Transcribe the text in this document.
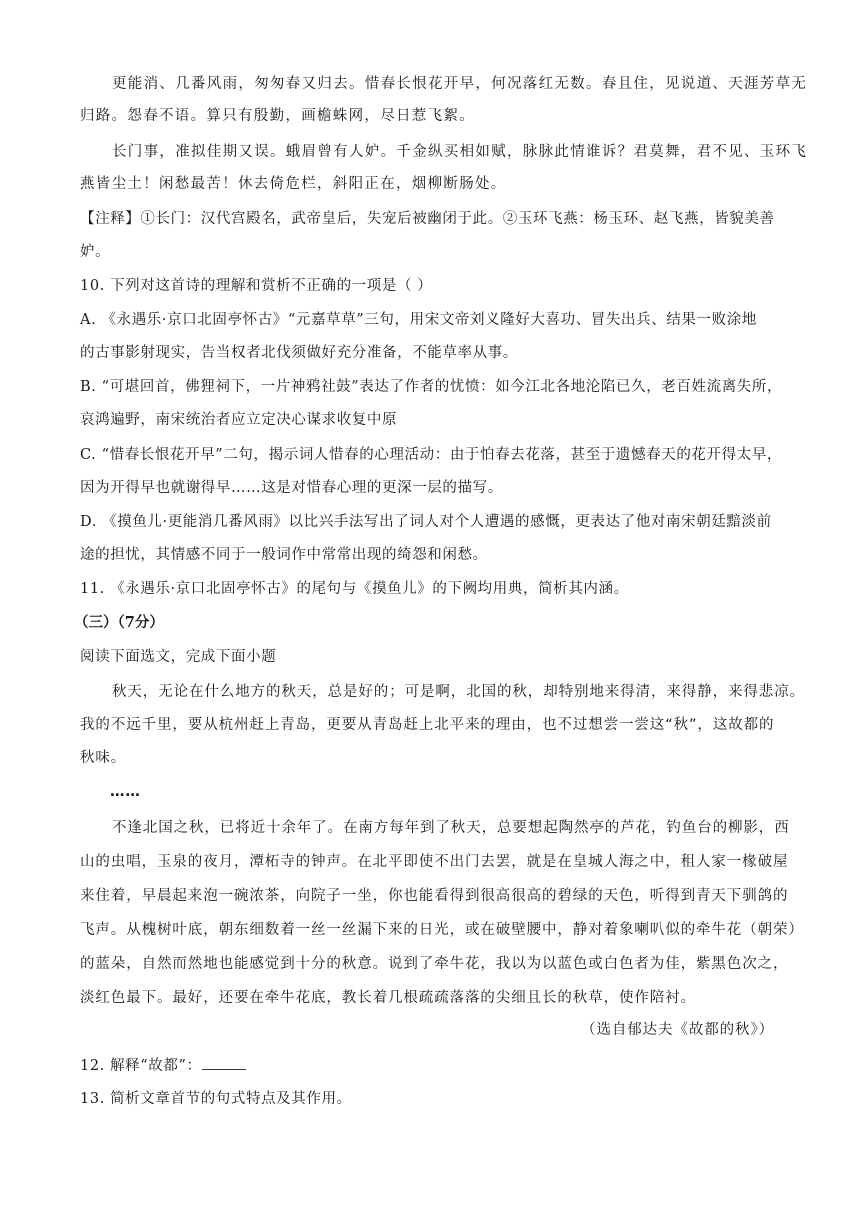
更能消、几番风雨，匆匆春又归去。惜春长恨花开早，何况落红无数。春且住，见说道、天涯芳草无
归路。怨春不语。算只有殷勤，画檐蛛网，尽日惹飞絮。
长门事，准拟佳期又误。蛾眉曾有人妒。千金纵买相如赋，脉脉此情谁诉？君莫舞，君不见、玉环飞
燕皆尘土！闲愁最苦！休去倚危栏，斜阳正在，烟柳断肠处。
【注释】①长门：汉代宫殿名，武帝皇后，失宠后被幽闭于此。②玉环飞燕：杨玉环、赵飞燕，皆貌美善
妒。
10. 下列对这首诗的理解和赏析不正确的一项是（ ）
A. 《永遇乐·京口北固亭怀古》“元嘉草草”三句，用宋文帝刘义隆好大喜功、冒失出兵、结果一败涂地
的古事影射现实，告当权者北伐须做好充分准备，不能草率从事。
B. “可堪回首，佛狸祠下，一片神鸦社鼓”表达了作者的忧愤：如今江北各地沦陷已久，老百姓流离失所，
哀鸿遍野，南宋统治者应立定决心谋求收复中原
C. “惜春长恨花开早”二句，揭示词人惜春的心理活动：由于怕春去花落，甚至于遗憾春天的花开得太早，
因为开得早也就谢得早……这是对惜春心理的更深一层的描写。
D. 《摸鱼儿·更能消几番风雨》以比兴手法写出了词人对个人遭遇的感慨，更表达了他对南宋朝廷黯淡前
途的担忧，其情感不同于一般词作中常常出现的绮怨和闲愁。
11. 《永遇乐·京口北固亭怀古》的尾句与《摸鱼儿》的下阙均用典，简析其内涵。
（三）（7分）
阅读下面选文，完成下面小题
秋天，无论在什么地方的秋天，总是好的；可是啊，北国的秋，却特别地来得清，来得静，来得悲凉。
我的不远千里，要从杭州赶上青岛，更要从青岛赶上北平来的理由，也不过想尝一尝这“秋”，这故都的
秋味。
……
不逢北国之秋，已将近十余年了。在南方每年到了秋天，总要想起陶然亭的芦花，钓鱼台的柳影，西
山的虫唱，玉泉的夜月，潭柘寺的钟声。在北平即使不出门去罢，就是在皇城人海之中，租人家一椽破屋
来住着，早晨起来泡一碗浓茶，向院子一坐，你也能看得到很高很高的碧绿的天色，听得到青天下驯鸽的
飞声。从槐树叶底，朝东细数着一丝一丝漏下来的日光，或在破壁腰中，静对着象喇叭似的牵牛花（朝荣）
的蓝朵，自然而然地也能感觉到十分的秋意。说到了牵牛花，我以为以蓝色或白色者为佳，紫黑色次之，
淡红色最下。最好，还要在牵牛花底，教长着几根疏疏落落的尖细且长的秋草，使作陪衬。
（选自郁达夫《故都的秋》）
12. 解释“故都”：
13. 简析文章首节的句式特点及其作用。
